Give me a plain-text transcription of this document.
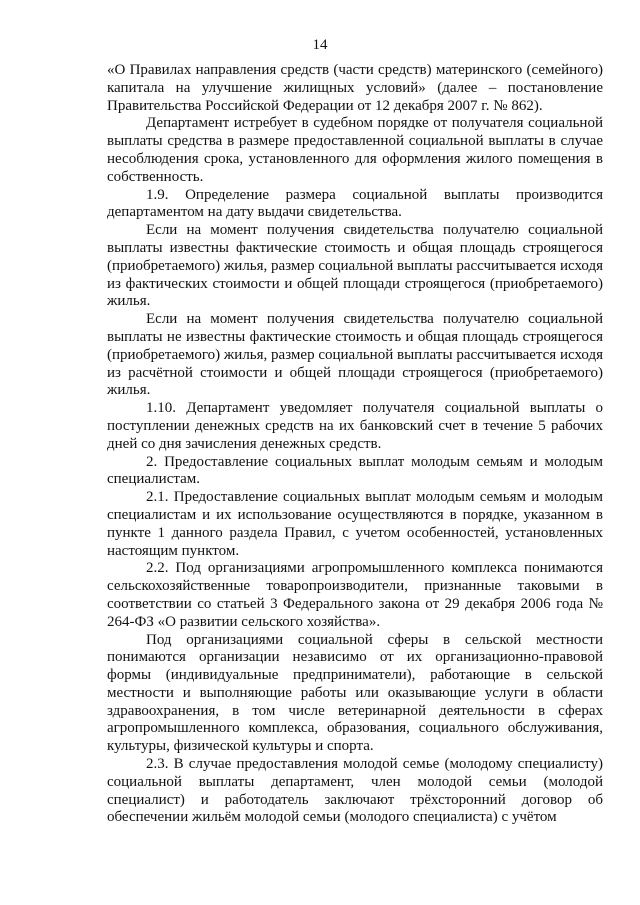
14

«О Правилах направления средств (части средств) материнского (семейного) капитала на улучшение жилищных условий» (далее – постановление Правительства Российской Федерации от 12 декабря 2007 г. № 862).

Департамент истребует в судебном порядке от получателя социальной выплаты средства в размере предоставленной социальной выплаты в случае несоблюдения срока, установленного для оформления жилого помещения в собственность.

1.9. Определение размера социальной выплаты производится департаментом на дату выдачи свидетельства.

Если на момент получения свидетельства получателю социальной выплаты известны фактические стоимость и общая площадь строящегося (приобретаемого) жилья, размер социальной выплаты рассчитывается исходя из фактических стоимости и общей площади строящегося (приобретаемого) жилья.

Если на момент получения свидетельства получателю социальной выплаты не известны фактические стоимость и общая площадь строящегося (приобретаемого) жилья, размер социальной выплаты рассчитывается исходя из расчётной стоимости и общей площади строящегося (приобретаемого) жилья.

1.10. Департамент уведомляет получателя социальной выплаты о поступлении денежных средств на их банковский счет в течение 5 рабочих дней со дня зачисления денежных средств.

2. Предоставление социальных выплат молодым семьям и молодым специалистам.

2.1. Предоставление социальных выплат молодым семьям и молодым специалистам и их использование осуществляются в порядке, указанном в пункте 1 данного раздела Правил, с учетом особенностей, установленных настоящим пунктом.

2.2. Под организациями агропромышленного комплекса понимаются сельскохозяйственные товаропроизводители, признанные таковыми в соответствии со статьей 3 Федерального закона от 29 декабря 2006 года № 264-ФЗ «О развитии сельского хозяйства».

Под организациями социальной сферы в сельской местности понимаются организации независимо от их организационно-правовой формы (индивидуальные предприниматели), работающие в сельской местности и выполняющие работы или оказывающие услуги в области здравоохранения, в том числе ветеринарной деятельности в сферах агропромышленного комплекса, образования, социального обслуживания, культуры, физической культуры и спорта.

2.3. В случае предоставления молодой семье (молодому специалисту) социальной выплаты департамент, член молодой семьи (молодой специалист) и работодатель заключают трёхсторонний договор об обеспечении жильём молодой семьи (молодого специалиста) с учётом
